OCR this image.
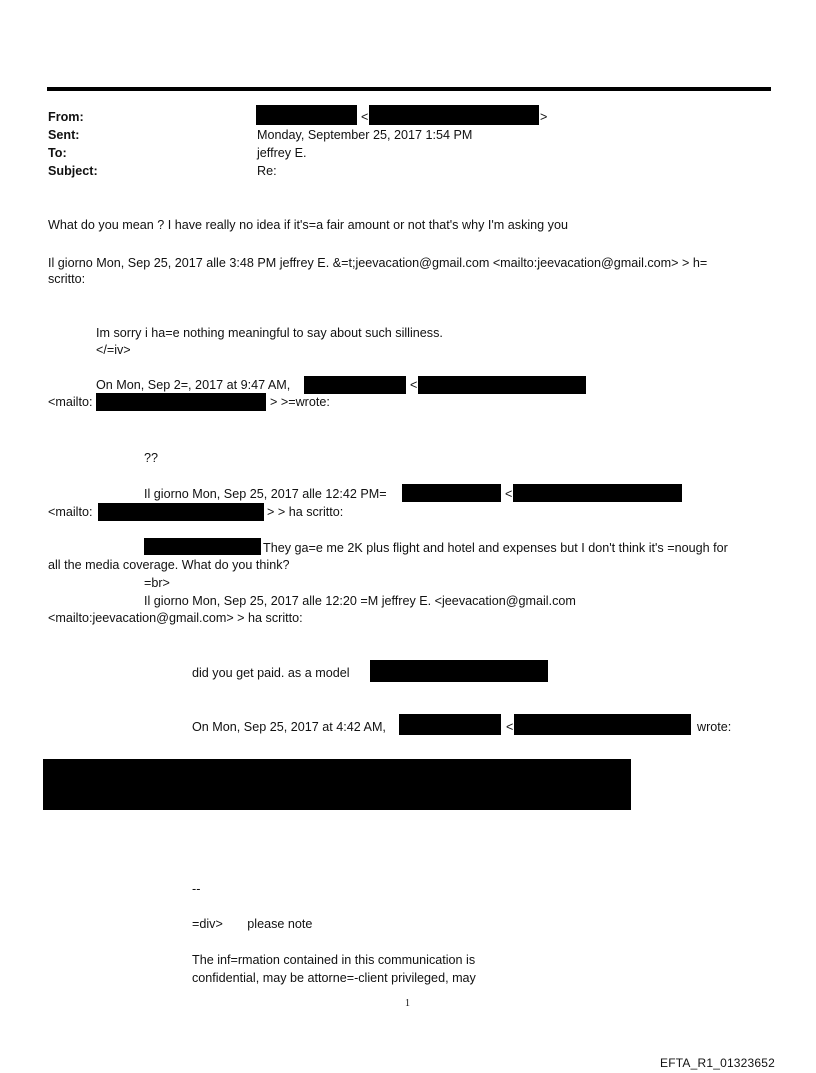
From:	<	>
Sent:	Monday, September 25, 2017 1:54 PM
To:	jeffrey E.
Subject:	Re:
What do you mean ? I have really no idea if it's=a fair amount or not that's why I'm asking you
Il giorno Mon, Sep 25, 2017 alle 3:48 PM jeffrey E. &=t;jeevacation@gmail.com <mailto:jeevacation@gmail.com> > h=
scritto:
Im sorry i ha=e nothing meaningful to say about such silliness.
</=iv>
On Mon, Sep 2=, 2017 at 9:47 AM,	<
<mailto:	> >=wrote:
??
Il giorno Mon, Sep 25, 2017 alle 12:42 PM=	<
<mailto:	> > ha scritto:
They ga=e me 2K plus flight and hotel and expenses but I don't think it's =nough for
all the media coverage. What do you think?
=br>
Il giorno Mon, Sep 25, 2017 alle 12:20 =M jeffrey E. <jeevacation@gmail.com
<mailto:jeevacation@gmail.com> > ha scritto:
did you get paid. as a model
On Mon, Sep 25, 2017 at 4:42 AM,	<	wrote:
--
=div>       please note
The inf=rmation contained in this communication is
confidential, may be attorne=-client privileged, may
1
EFTA_R1_01323652
